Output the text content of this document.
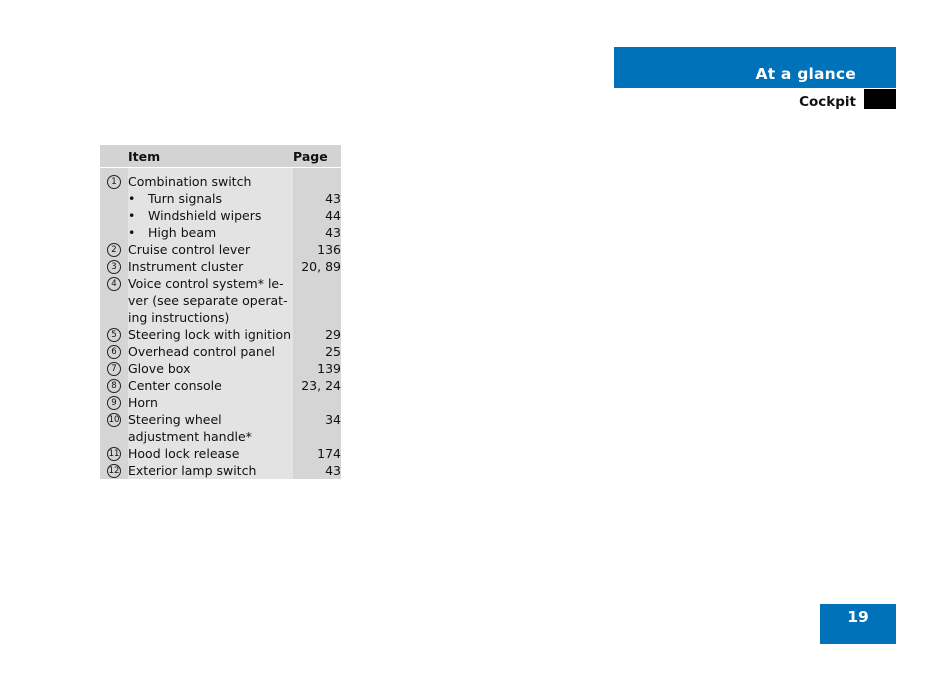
At a glance
Cockpit
	Item	Page

1	Combination switch	

	• Turn signals	43

	• Windshield wipers	44

	• High beam	43
2	Cruise control lever	136
3	Instrument cluster	20, 89
4	Voice control system* le-ver (see separate operat-ing instructions)	
5	Steering lock with ignition	29
6	Overhead control panel	25
7	Glove box	139
8	Center console	23, 24
9	Horn	
10	Steering wheel adjustment handle*	34
11	Hood lock release	174
12	Exterior lamp switch	43
19
